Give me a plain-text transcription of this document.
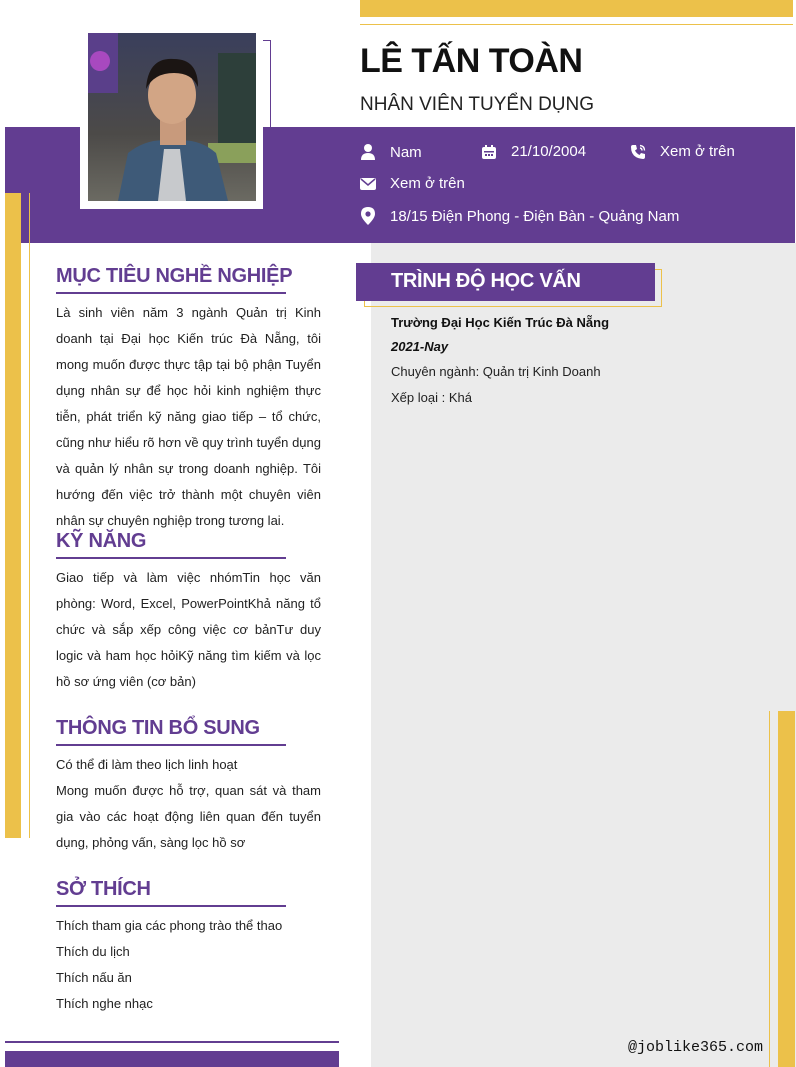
LÊ TẤN TOÀN
NHÂN VIÊN TUYỂN DỤNG
Nam	21/10/2004	Xem ở trên
Xem ở trên
18/15 Điện Phong - Điện Bàn - Quảng Nam
MỤC TIÊU NGHỀ NGHIỆP
Là sinh viên năm 3 ngành Quản trị Kinh doanh tại Đại học Kiến trúc Đà Nẵng, tôi mong muốn được thực tập tại bộ phận Tuyển dụng nhân sự để học hỏi kinh nghiệm thực tiễn, phát triển kỹ năng giao tiếp – tổ chức, cũng như hiểu rõ hơn về quy trình tuyển dụng và quản lý nhân sự trong doanh nghiệp. Tôi hướng đến việc trở thành một chuyên viên nhân sự chuyên nghiệp trong tương lai.
KỸ NĂNG
Giao tiếp và làm việc nhómTin học văn phòng: Word, Excel, PowerPointKhả năng tổ chức và sắp xếp công việc cơ bảnTư duy logic và ham học hỏiKỹ năng tìm kiếm và lọc hồ sơ ứng viên (cơ bản)
THÔNG TIN BỔ SUNG
Có thể đi làm theo lịch linh hoạt
Mong muốn được hỗ trợ, quan sát và tham gia vào các hoạt động liên quan đến tuyển dụng, phỏng vấn, sàng lọc hồ sơ
SỞ THÍCH
Thích tham gia các phong trào thể thao
Thích du lịch
Thích nấu ăn
Thích nghe nhạc
TRÌNH ĐỘ HỌC VẤN
Trường Đại Học Kiến Trúc Đà Nẵng
2021-Nay
Chuyên ngành: Quản trị Kinh Doanh
Xếp loại : Khá
@joblike365.com
